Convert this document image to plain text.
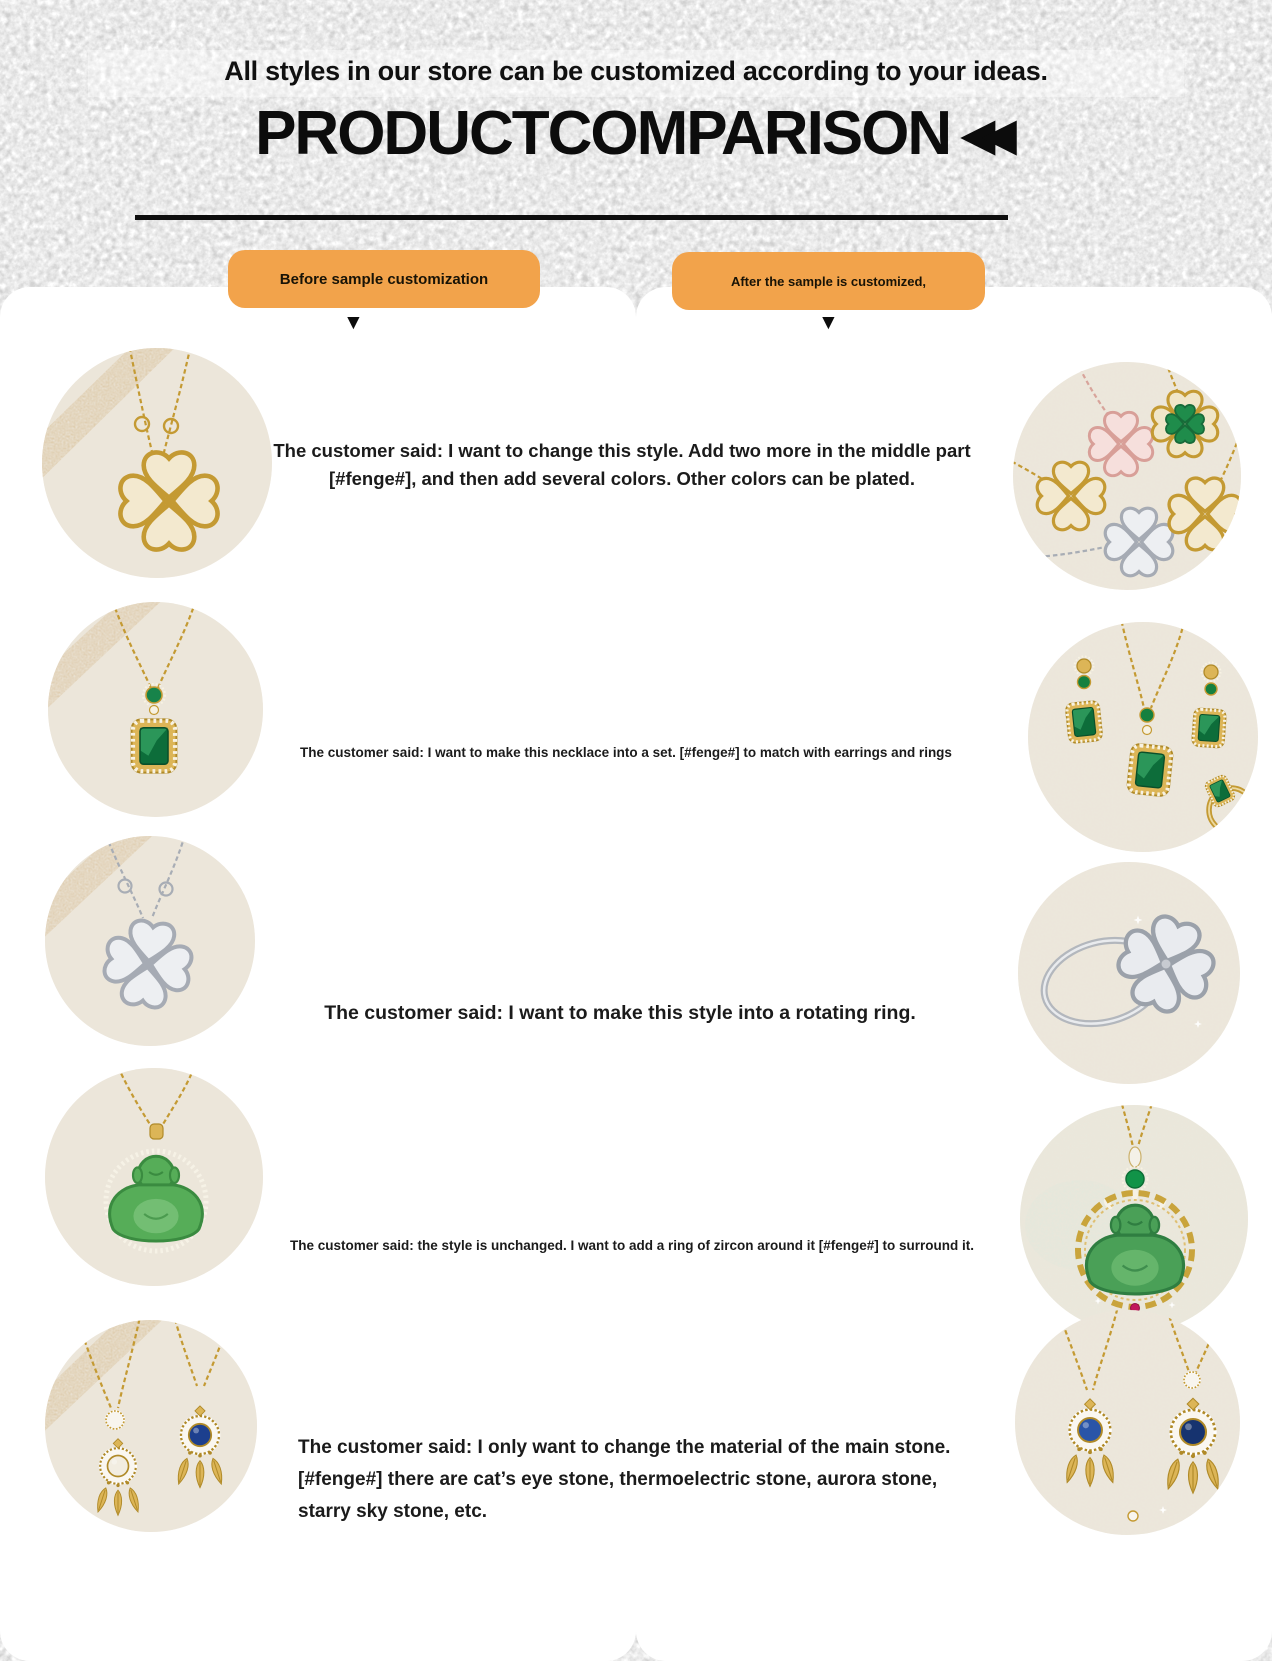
All styles in our store can be customized according to your ideas.
PRODUCTCOMPARISON ◀◀
Before sample customization	After the sample is customized,
▼	▼

The customer said: I want to change this style. Add two more in the middle part [#fenge#], and then add several colors. Other colors can be plated.

The customer said: I want to make this necklace into a set. [#fenge#] to match with earrings and rings

The customer said: I want to make this style into a rotating ring.

The customer said: the style is unchanged. I want to add a ring of zircon around it [#fenge#] to surround it.

The customer said: I only want to change the material of the main stone. [#fenge#] there are cat’s eye stone, thermoelectric stone, aurora stone, starry sky stone, etc.
